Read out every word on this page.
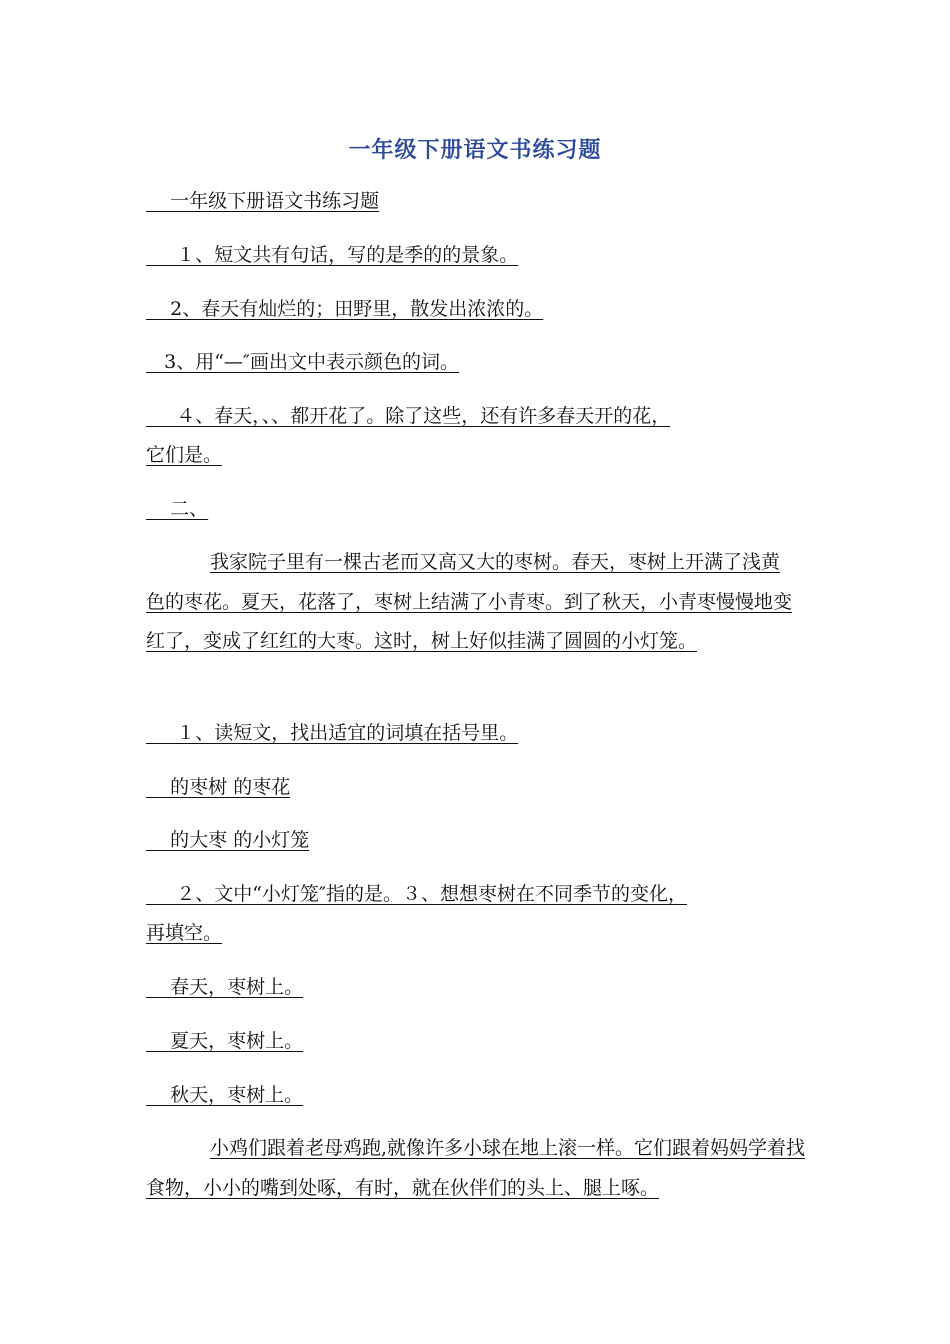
一年级下册语文书练习题
一年级下册语文书练习题
１、短文共有句话，写的是季的的景象。
2、春天有灿烂的；田野里，散发出浓浓的。
3、用“—″画出文中表示颜色的词。
４、春天，、、都开花了。除了这些，还有许多春天开的花，
它们是。
二、
我家院子里有一棵古老而又高又大的枣树。春天，枣树上开满了浅黄色的枣花。夏天，花落了，枣树上结满了小青枣。到了秋天，小青枣慢慢地变红了，变成了红红的大枣。这时，树上好似挂满了圆圆的小灯笼。
１、读短文，找出适宜的词填在括号里。
的枣树 的枣花
的大枣 的小灯笼
２、文中“小灯笼″指的是。３、想想枣树在不同季节的变化，
再填空。
春天，枣树上。
夏天，枣树上。
秋天，枣树上。
小鸡们跟着老母鸡跑,就像许多小球在地上滚一样。它们跟着妈妈学着找食物，小小的嘴到处啄，有时，就在伙伴们的头上、腿上啄。
